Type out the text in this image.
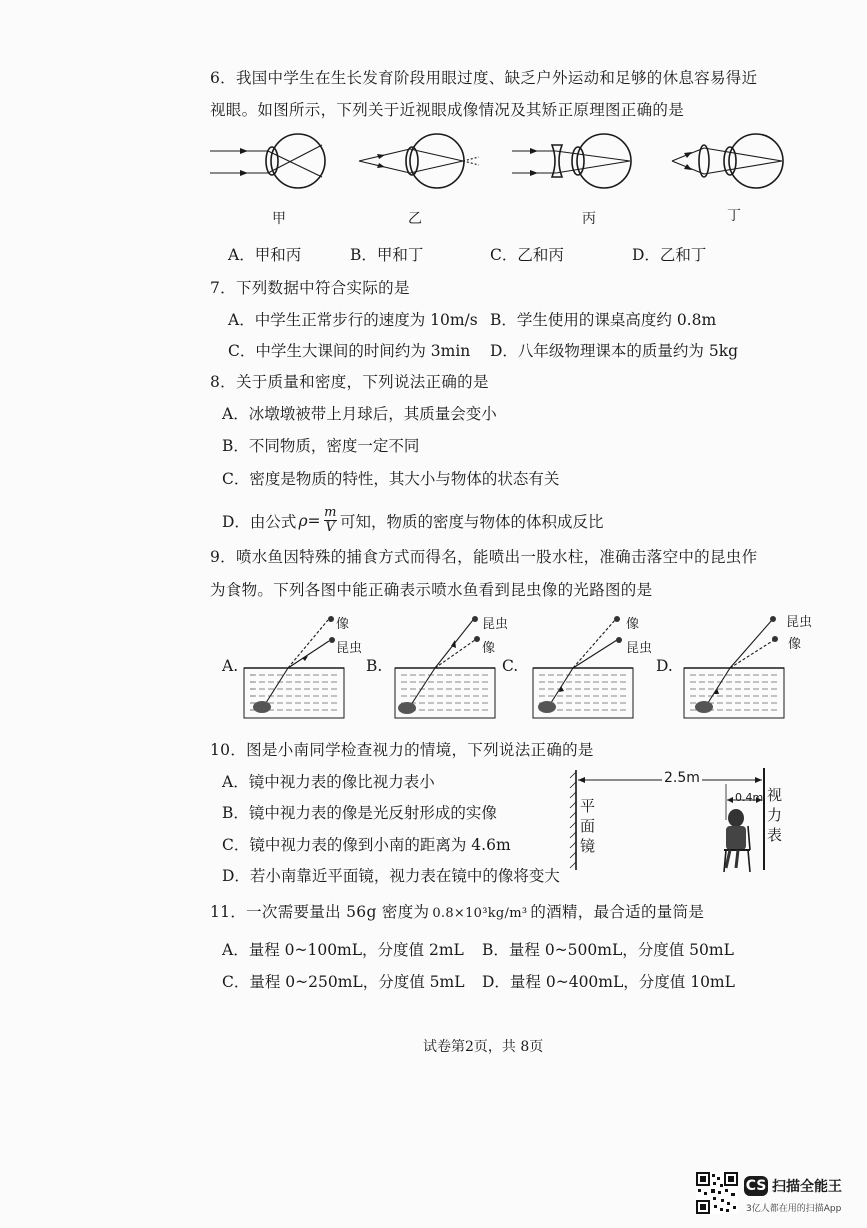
6．我国中学生在生长发育阶段用眼过度、缺乏户外运动和足够的休息容易得近
视眼。如图所示，下列关于近视眼成像情况及其矫正原理图正确的是
甲	乙	丙	丁
A．甲和丙	B．甲和丁	C．乙和丙	D．乙和丁
7．下列数据中符合实际的是
A．中学生正常步行的速度为 10m/s B．学生使用的课桌高度约 0.8m
C．中学生大课间的时间约为 3min D．八年级物理课本的质量约为 5kg
8．关于质量和密度，下列说法正确的是
A．冰墩墩被带上月球后，其质量会变小
B．不同物质，密度一定不同
C．密度是物质的特性，其大小与物体的状态有关
D．由公式 $\rho= \frac{m}{V}$ 可知，物质的密度与物体的体积成反比
9．喷水鱼因特殊的捕食方式而得名，能喷出一股水柱，准确击落空中的昆虫作
为食物。下列各图中能正确表示喷水鱼看到昆虫像的光路图的是
A.
像
昆虫
B.
昆虫
像
C.
像
昆虫
D.
昆虫
像
10．图是小南同学检查视力的情境，下列说法正确的是
A．镜中视力表的像比视力表小
B．镜中视力表的像是光反射形成的实像
C．镜中视力表的像到小南的距离为 4.6m
D．若小南靠近平面镜，视力表在镜中的像将变大
2.5m
0.4m
平
面
镜
视
力
表
11．一次需要量出 56g 密度为 0.8×10³kg/m³ 的酒精，最合适的量筒是
A．量程 0~100mL，分度值 2mL B．量程 0~500mL，分度值 50mL
C．量程 0~250mL，分度值 5mL D．量程 0~400mL，分度值 10mL
试卷第2页，共 8页
CS 扫描全能王
3亿人都在用的扫描App
